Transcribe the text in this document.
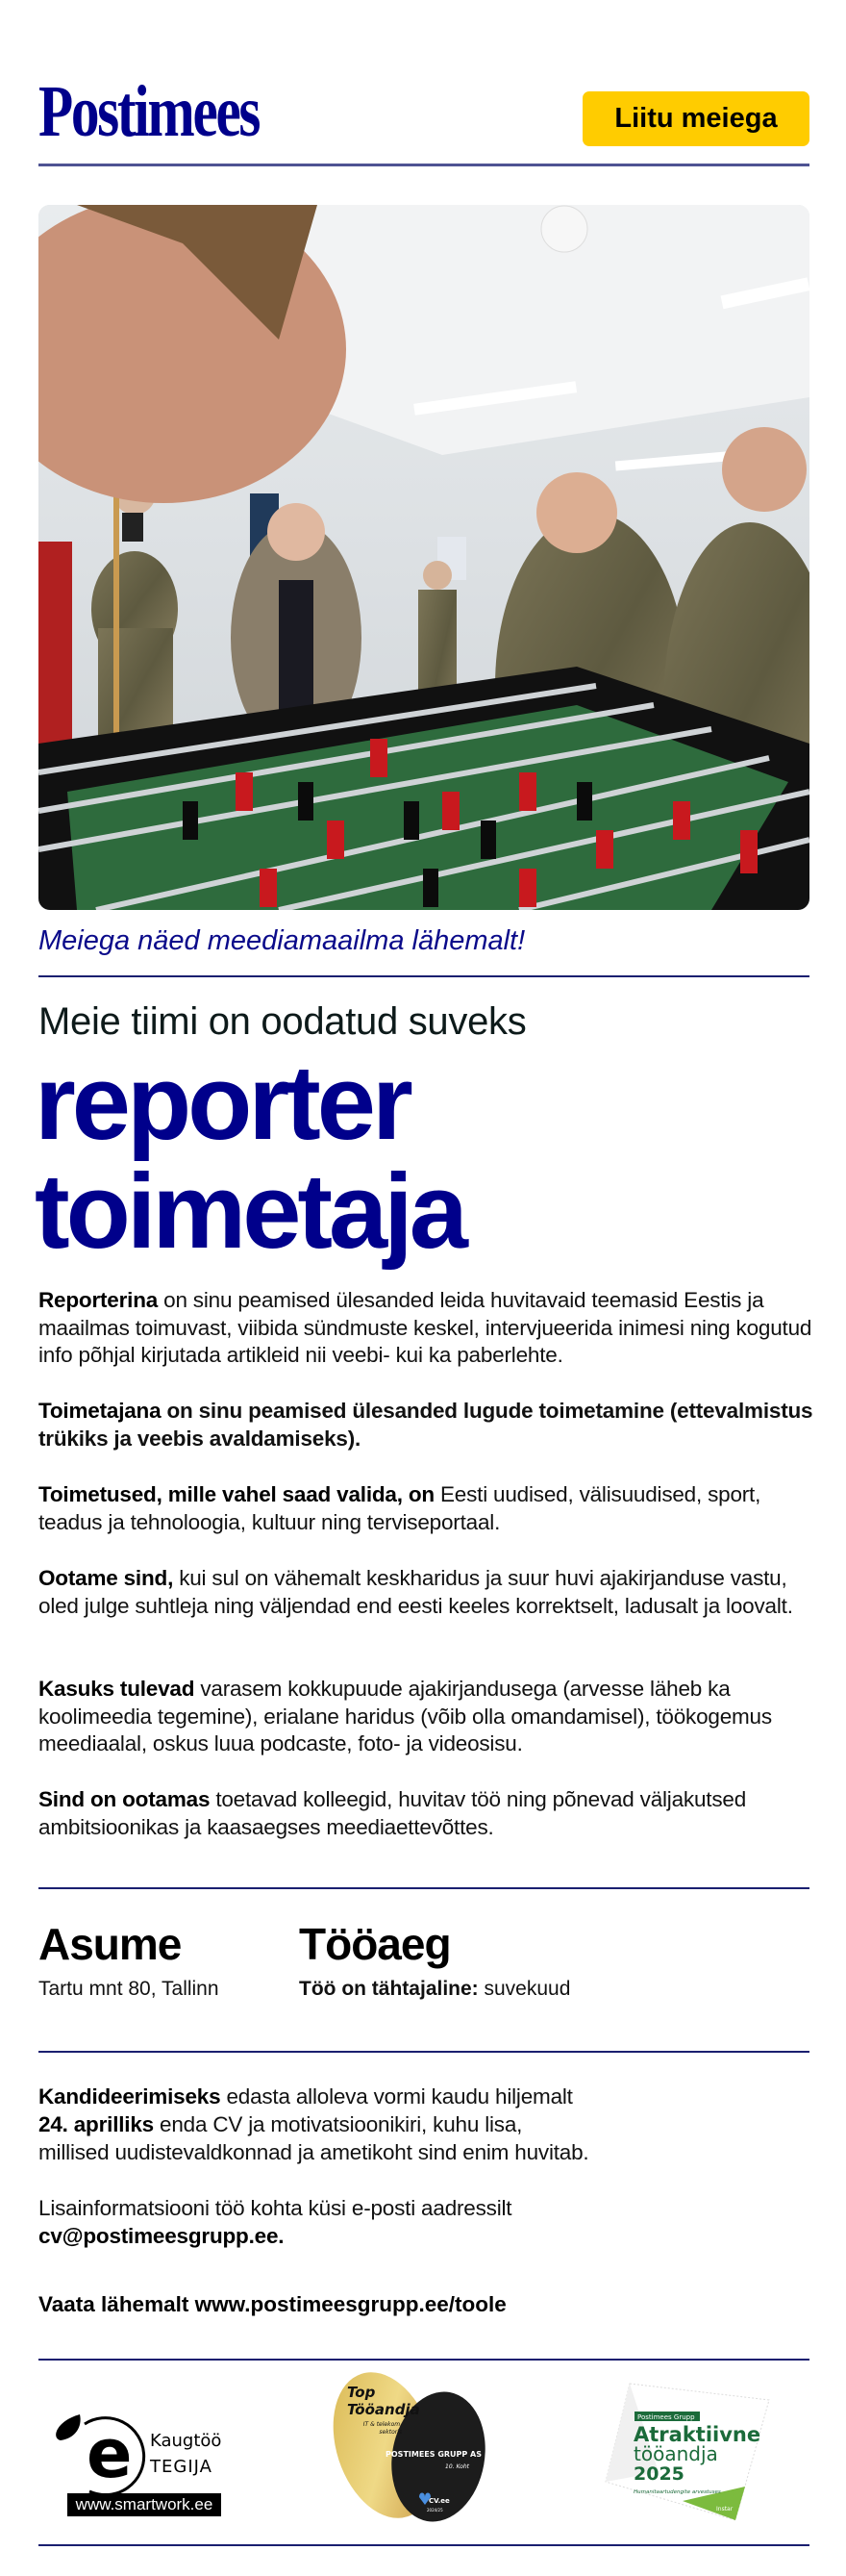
Postimees	Liitu meiega
Meiega näed meediamaailma lähemalt!
Meie tiimi on oodatud suveks
reporter
toimetaja
Reporterina on sinu peamised ülesanded leida huvitavaid teemasid Eestis ja maailmas toimuvast, viibida sündmuste keskel, intervjueerida inimesi ning kogutud info põhjal kirjutada artikleid nii veebi- kui ka paberlehte.
Toimetajana on sinu peamised ülesanded lugude toimetamine (ettevalmistus trükiks ja veebis avaldamiseks).
Toimetused, mille vahel saad valida, on Eesti uudised, välisuudised, sport, teadus ja tehnoloogia, kultuur ning terviseportaal.
Ootame sind, kui sul on vähemalt keskharidus ja suur huvi ajakirjanduse vastu, oled julge suhtleja ning väljendad end eesti keeles korrektselt, ladusalt ja loovalt.
Kasuks tulevad varasem kokkupuude ajakirjandusega (arvesse läheb ka koolimeedia tegemine), erialane haridus (võib olla omandamisel), töökogemus meediaalal, oskus luua podcaste, foto- ja videosisu.
Sind on ootamas toetavad kolleegid, huvitav töö ning põnevad väljakutsed ambitsioonikas ja kaasaegses meediaettevõttes.
Asume
Tartu mnt 80, Tallinn
Tööaeg
Töö on tähtajaline: suvekuud
Kandideerimiseks edasta alloleva vormi kaudu hiljemalt
24. aprilliks enda CV ja motivatsioonikiri, kuhu lisa,
millised uudistevaldkonnad ja ametikoht sind enim huvitab.
Lisainformatsiooni töö kohta küsi e-posti aadressilt
cv@postimeesgrupp.ee.
Vaata lähemalt www.postimeesgrupp.ee/toole
e Kaugtöö
TEGIJA
www.smartwork.ee
Top
Tööandja
IT & telekom.
sektoris
POSTIMEES GRUPP AS
10. Koht
CV.ee
2024/25
Postimees Grupp
Atraktiivne
tööandja
2025
Humanitaartudengite arvestuses
Instar
